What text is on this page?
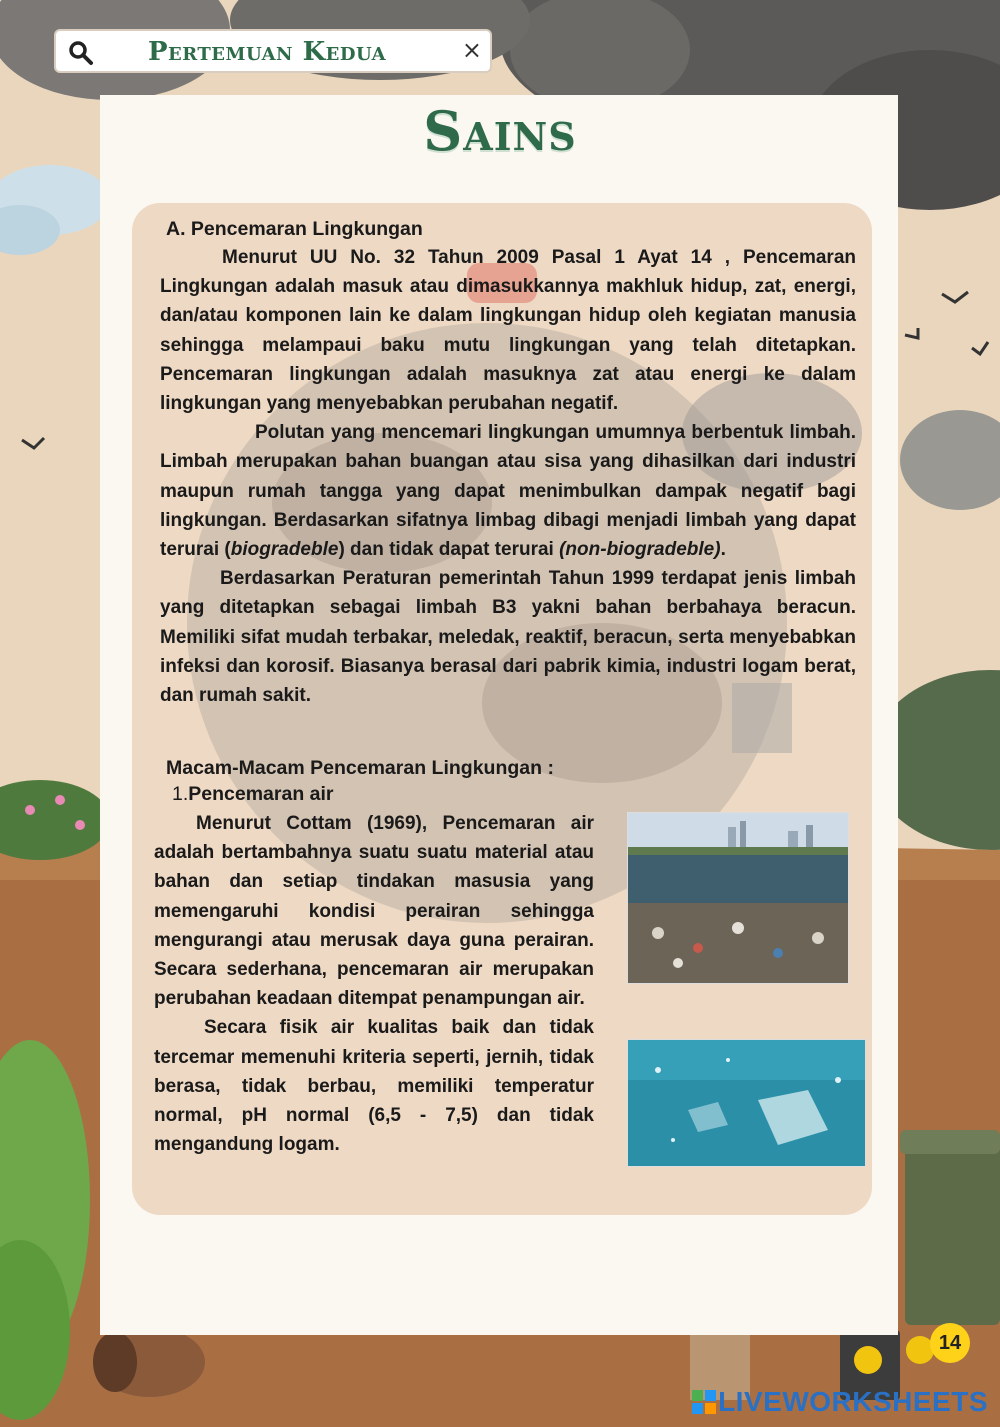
Pertemuan Kedua	×
Sains
A. Pencemaran Lingkungan

Menurut UU No. 32 Tahun 2009 Pasal 1 Ayat 14 , Pencemaran Lingkungan adalah masuk atau dimasukkannya makhluk hidup, zat, energi, dan/atau komponen lain ke dalam lingkungan hidup oleh kegiatan manusia sehingga melampaui baku mutu lingkungan yang telah ditetapkan. Pencemaran lingkungan adalah masuknya zat atau energi ke dalam lingkungan yang menyebabkan perubahan negatif.

Polutan yang mencemari lingkungan umumnya berbentuk limbah. Limbah merupakan bahan buangan atau sisa yang dihasilkan dari industri maupun rumah tangga yang dapat menimbulkan dampak negatif bagi lingkungan. Berdasarkan sifatnya limbag dibagi menjadi limbah yang dapat terurai (biogradeble) dan tidak dapat terurai (non-biogradeble).

Berdasarkan Peraturan pemerintah Tahun 1999 terdapat jenis limbah yang ditetapkan sebagai limbah B3 yakni bahan berbahaya beracun. Memiliki sifat mudah terbakar, meledak, reaktif, beracun, serta menyebabkan infeksi dan korosif. Biasanya berasal dari pabrik kimia, industri logam berat, dan rumah sakit.

Macam-Macam Pencemaran Lingkungan :
1.Pencemaran air

Menurut Cottam (1969), Pencemaran air adalah bertambahnya suatu suatu material atau bahan dan setiap tindakan masusia yang memengaruhi kondisi perairan sehingga mengurangi atau merusak daya guna perairan. Secara sederhana, pencemaran air merupakan perubahan keadaan ditempat penampungan air.

Secara fisik air kualitas baik dan tidak tercemar memenuhi kriteria seperti, jernih, tidak berasa, tidak berbau, memiliki temperatur normal, pH normal (6,5 - 7,5) dan tidak mengandung logam.

14
LIVEWORKSHEETS
